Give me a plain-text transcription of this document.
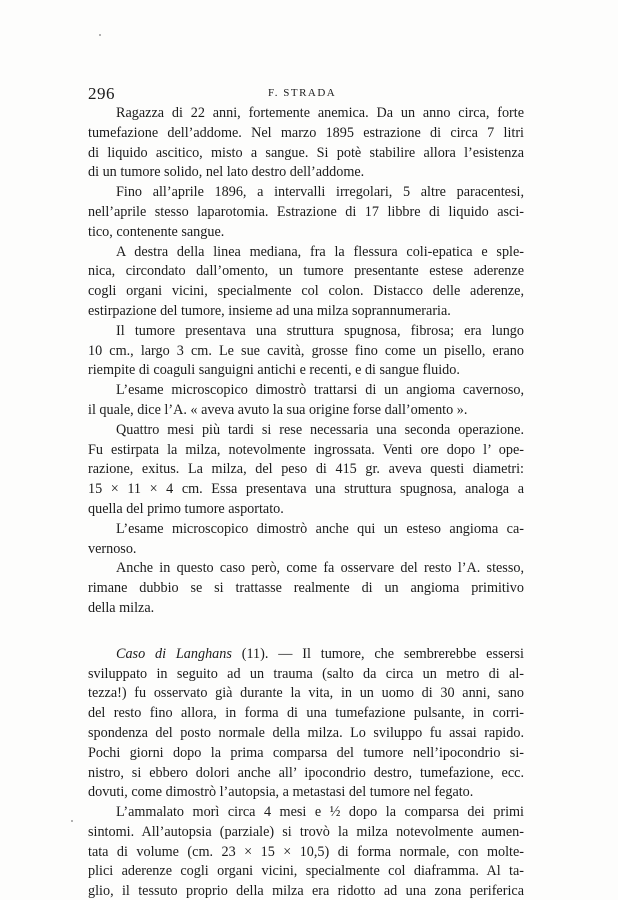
296	F. STRADA
Ragazza di 22 anni, fortemente anemica. Da un anno circa, forte
tumefazione dell’addome. Nel marzo 1895 estrazione di circa 7 litri
di liquido ascitico, misto a sangue. Si potè stabilire allora l’esistenza
di un tumore solido, nel lato destro dell’addome.
Fino all’aprile 1896, a intervalli irregolari, 5 altre paracentesi,
nell’aprile stesso laparotomia. Estrazione di 17 libbre di liquido asci-
tico, contenente sangue.
A destra della linea mediana, fra la flessura coli-epatica e sple-
nica, circondato dall’omento, un tumore presentante estese aderenze
cogli organi vicini, specialmente col colon. Distacco delle aderenze,
estirpazione del tumore, insieme ad una milza soprannumeraria.
Il tumore presentava una struttura spugnosa, fibrosa; era lungo
10 cm., largo 3 cm. Le sue cavità, grosse fino come un pisello, erano
riempite di coaguli sanguigni antichi e recenti, e di sangue fluido.
L’esame microscopico dimostrò trattarsi di un angioma cavernoso,
il quale, dice l’A. « aveva avuto la sua origine forse dall’omento ».
Quattro mesi più tardi si rese necessaria una seconda operazione.
Fu estirpata la milza, notevolmente ingrossata. Venti ore dopo l’ ope-
razione, exitus. La milza, del peso di 415 gr. aveva questi diametri:
15 × 11 × 4 cm. Essa presentava una struttura spugnosa, analoga a
quella del primo tumore asportato.
L’esame microscopico dimostrò anche qui un esteso angioma ca-
vernoso.
Anche in questo caso però, come fa osservare del resto l’A. stesso,
rimane dubbio se si trattasse realmente di un angioma primitivo
della milza.
Caso di Langhans (11). — Il tumore, che sembrerebbe essersi
sviluppato in seguito ad un trauma (salto da circa un metro di al-
tezza!) fu osservato già durante la vita, in un uomo di 30 anni, sano
del resto fino allora, in forma di una tumefazione pulsante, in corri-
spondenza del posto normale della milza. Lo sviluppo fu assai rapido.
Pochi giorni dopo la prima comparsa del tumore nell’ipocondrio si-
nistro, si ebbero dolori anche all’ ipocondrio destro, tumefazione, ecc.
dovuti, come dimostrò l’autopsia, a metastasi del tumore nel fegato.
L’ammalato morì circa 4 mesi e ½ dopo la comparsa dei primi
sintomi. All’autopsia (parziale) si trovò la milza notevolmente aumen-
tata di volume (cm. 23 × 15 × 10,5) di forma normale, con molte-
plici aderenze cogli organi vicini, specialmente col diaframma. Al ta-
glio, il tessuto proprio della milza era ridotto ad una zona periferica
